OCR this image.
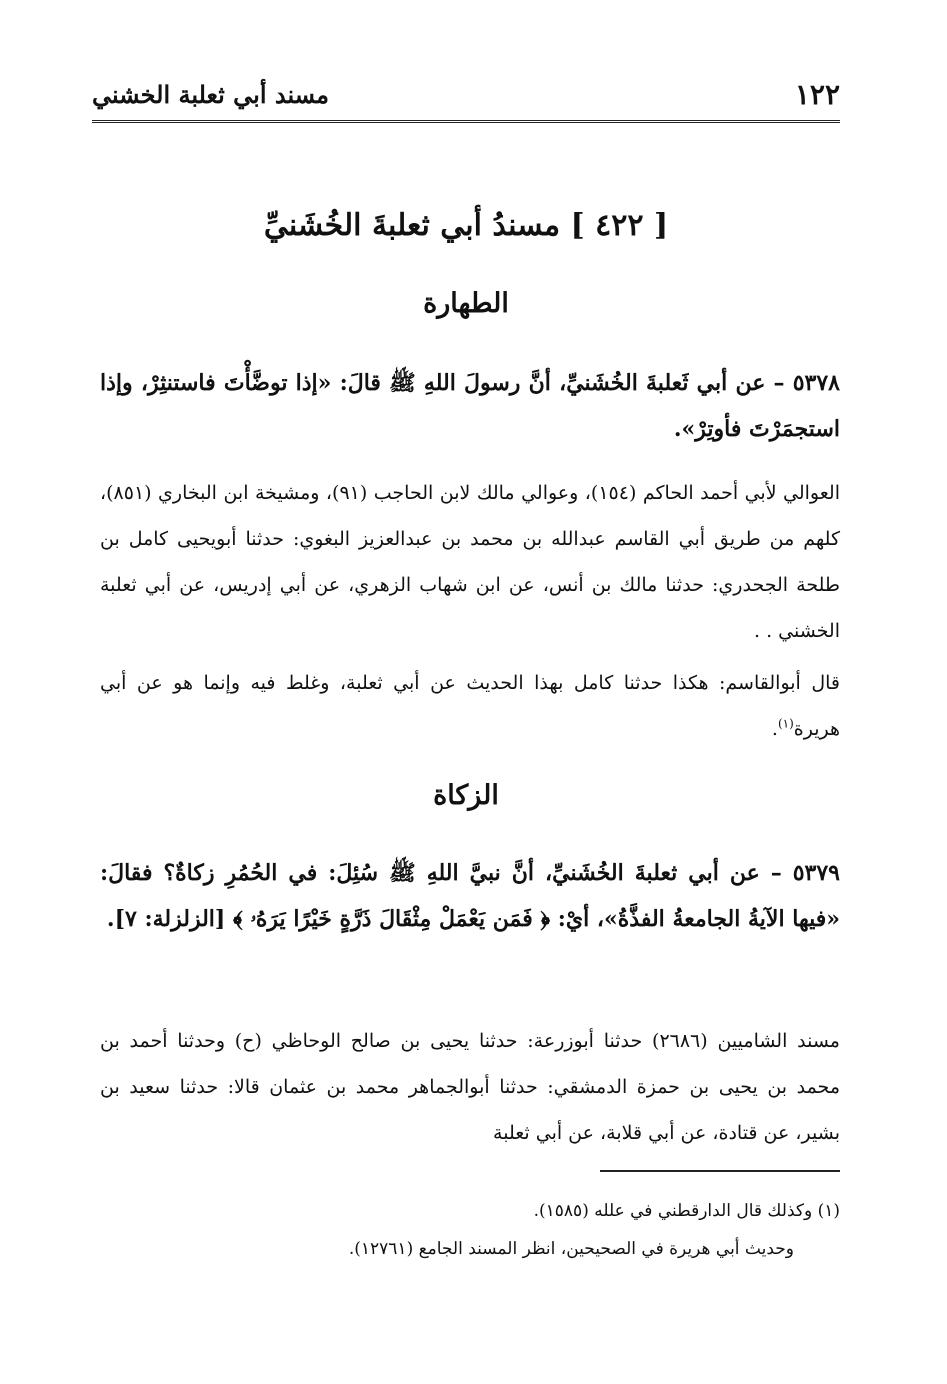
١٢٢
مسند أبي ثعلبة الخشني
[ ٤٢٢ ] مسندُ أبي ثعلبةَ الخُشَنيِّ
الطهارة
٥٣٧٨ – عن أبي ثَعلبةَ الخُشَنيِّ، أنَّ رسولَ اللهِ ﷺ قالَ: «إذا توضَّأْتَ فاستنثِرْ، وإذا استجمَرْتَ فأوتِرْ».
العوالي لأبي أحمد الحاكم (١٥٤)، وعوالي مالك لابن الحاجب (٩١)، ومشيخة ابن البخاري (٨٥١)، كلهم من طريق أبي القاسم عبدالله بن محمد بن عبدالعزيز البغوي: حدثنا أبويحيى كامل بن طلحة الجحدري: حدثنا مالك بن أنس، عن ابن شهاب الزهري، عن أبي إدريس، عن أبي ثعلبة الخشني . .
قال أبوالقاسم: هكذا حدثنا كامل بهذا الحديث عن أبي ثعلبة، وغلط فيه وإنما هو عن أبي هريرة$^{(١)}$.
الزكاة
٥٣٧٩ – عن أبي ثعلبةَ الخُشَنيِّ، أنَّ نبيَّ اللهِ ﷺ سُئِلَ: في الحُمُرِ زكاةٌ؟ فقالَ: «فيها الآيةُ الجامعةُ الفذَّةُ»، أيْ: ﴿ فَمَن يَعْمَلْ مِثْقَالَ ذَرَّةٍ خَيْرًا يَرَهُۥ ﴾ [الزلزلة: ٧].
مسند الشاميين (٢٦٨٦) حدثنا أبوزرعة: حدثنا يحيى بن صالح الوحاظي (ح) وحدثنا أحمد بن محمد بن يحيى بن حمزة الدمشقي: حدثنا أبوالجماهر محمد بن عثمان قالا: حدثنا سعيد بن بشير، عن قتادة، عن أبي قلابة، عن أبي ثعلبة
(١) وكذلك قال الدارقطني في علله (١٥٨٥).
وحديث أبي هريرة في الصحيحين، انظر المسند الجامع (١٢٧٦١).
